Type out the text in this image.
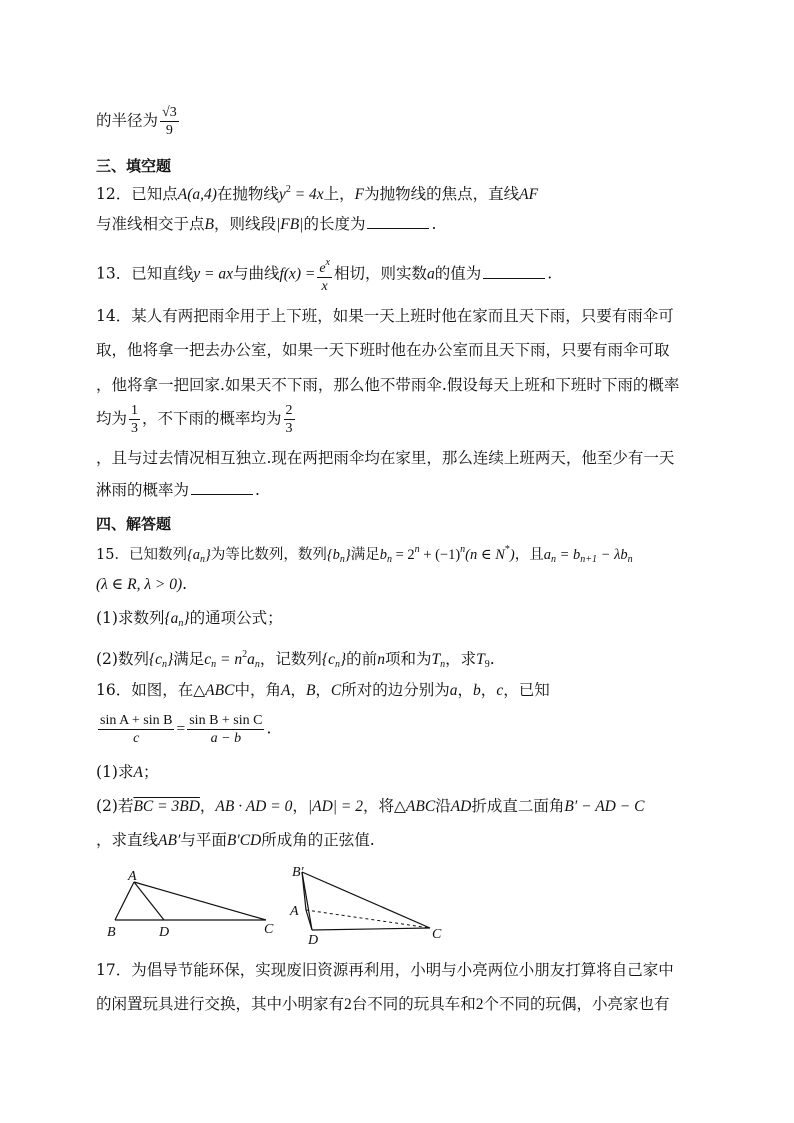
的半径为 $\frac{√3}{9}$
三、填空题
12．已知点A(a,4)在抛物线$y^2 = 4x$上，F为抛物线的焦点，直线AF
与准线相交于点B，则线段|FB|的长度为	.
13．已知直线y = ax与曲线$f(x) = \frac{e^x}{x}$ 相切，则实数a的值为	.
14．某人有两把雨伞用于上下班，如果一天上班时他在家而且天下雨，只要有雨伞可
取，他将拿一把去办公室，如果一天下班时他在办公室而且天下雨，只要有雨伞可取
，他将拿一把回家.如果天不下雨，那么他不带雨伞.假设每天上班和下班时下雨的概率
均为 $\frac{1}{3}$ ，不下雨的概率均为 $\frac{2}{3}$
，且与过去情况相互独立.现在两把雨伞均在家里，那么连续上班两天，他至少有一天
淋雨的概率为	.
四、解答题
15．已知数列$\{a_n\}$为等比数列，数列$\{b_n\}$满足$b_n = 2^n + (-1)^n(n$ ∈ N*)，且$a_n = b_{n+1} - \lambda b_n$
(λ ∈ R, λ > 0).
(1)求数列$\{a_n\}$的通项公式；
(2)数列$\{c_n\}$满足$c_n = n^2a_n$，记数列$\{c_n\}$的前n项和为$T_n$，求$T_9$.
16．如图，在△ABC中，角A，B，C所对的边分别为a，b，c，已知
$\frac{\text{sin A + sin B}}{c} = \frac{\text{sin B + sin C}}{a - b}$ .
(1)求A；
(2)若BC = 3BD，AB · AD = 0，|AD| = 2，将△ABC沿AD折成直二面角B′ − AD − C
，求直线AB′与平面B′CD所成角的正弦值.
A
B	D	C
B′
A
D	C
17．为倡导节能环保，实现废旧资源再利用，小明与小亮两位小朋友打算将自己家中
的闲置玩具进行交换，其中小明家有2台不同的玩具车和2个不同的玩偶，小亮家也有
